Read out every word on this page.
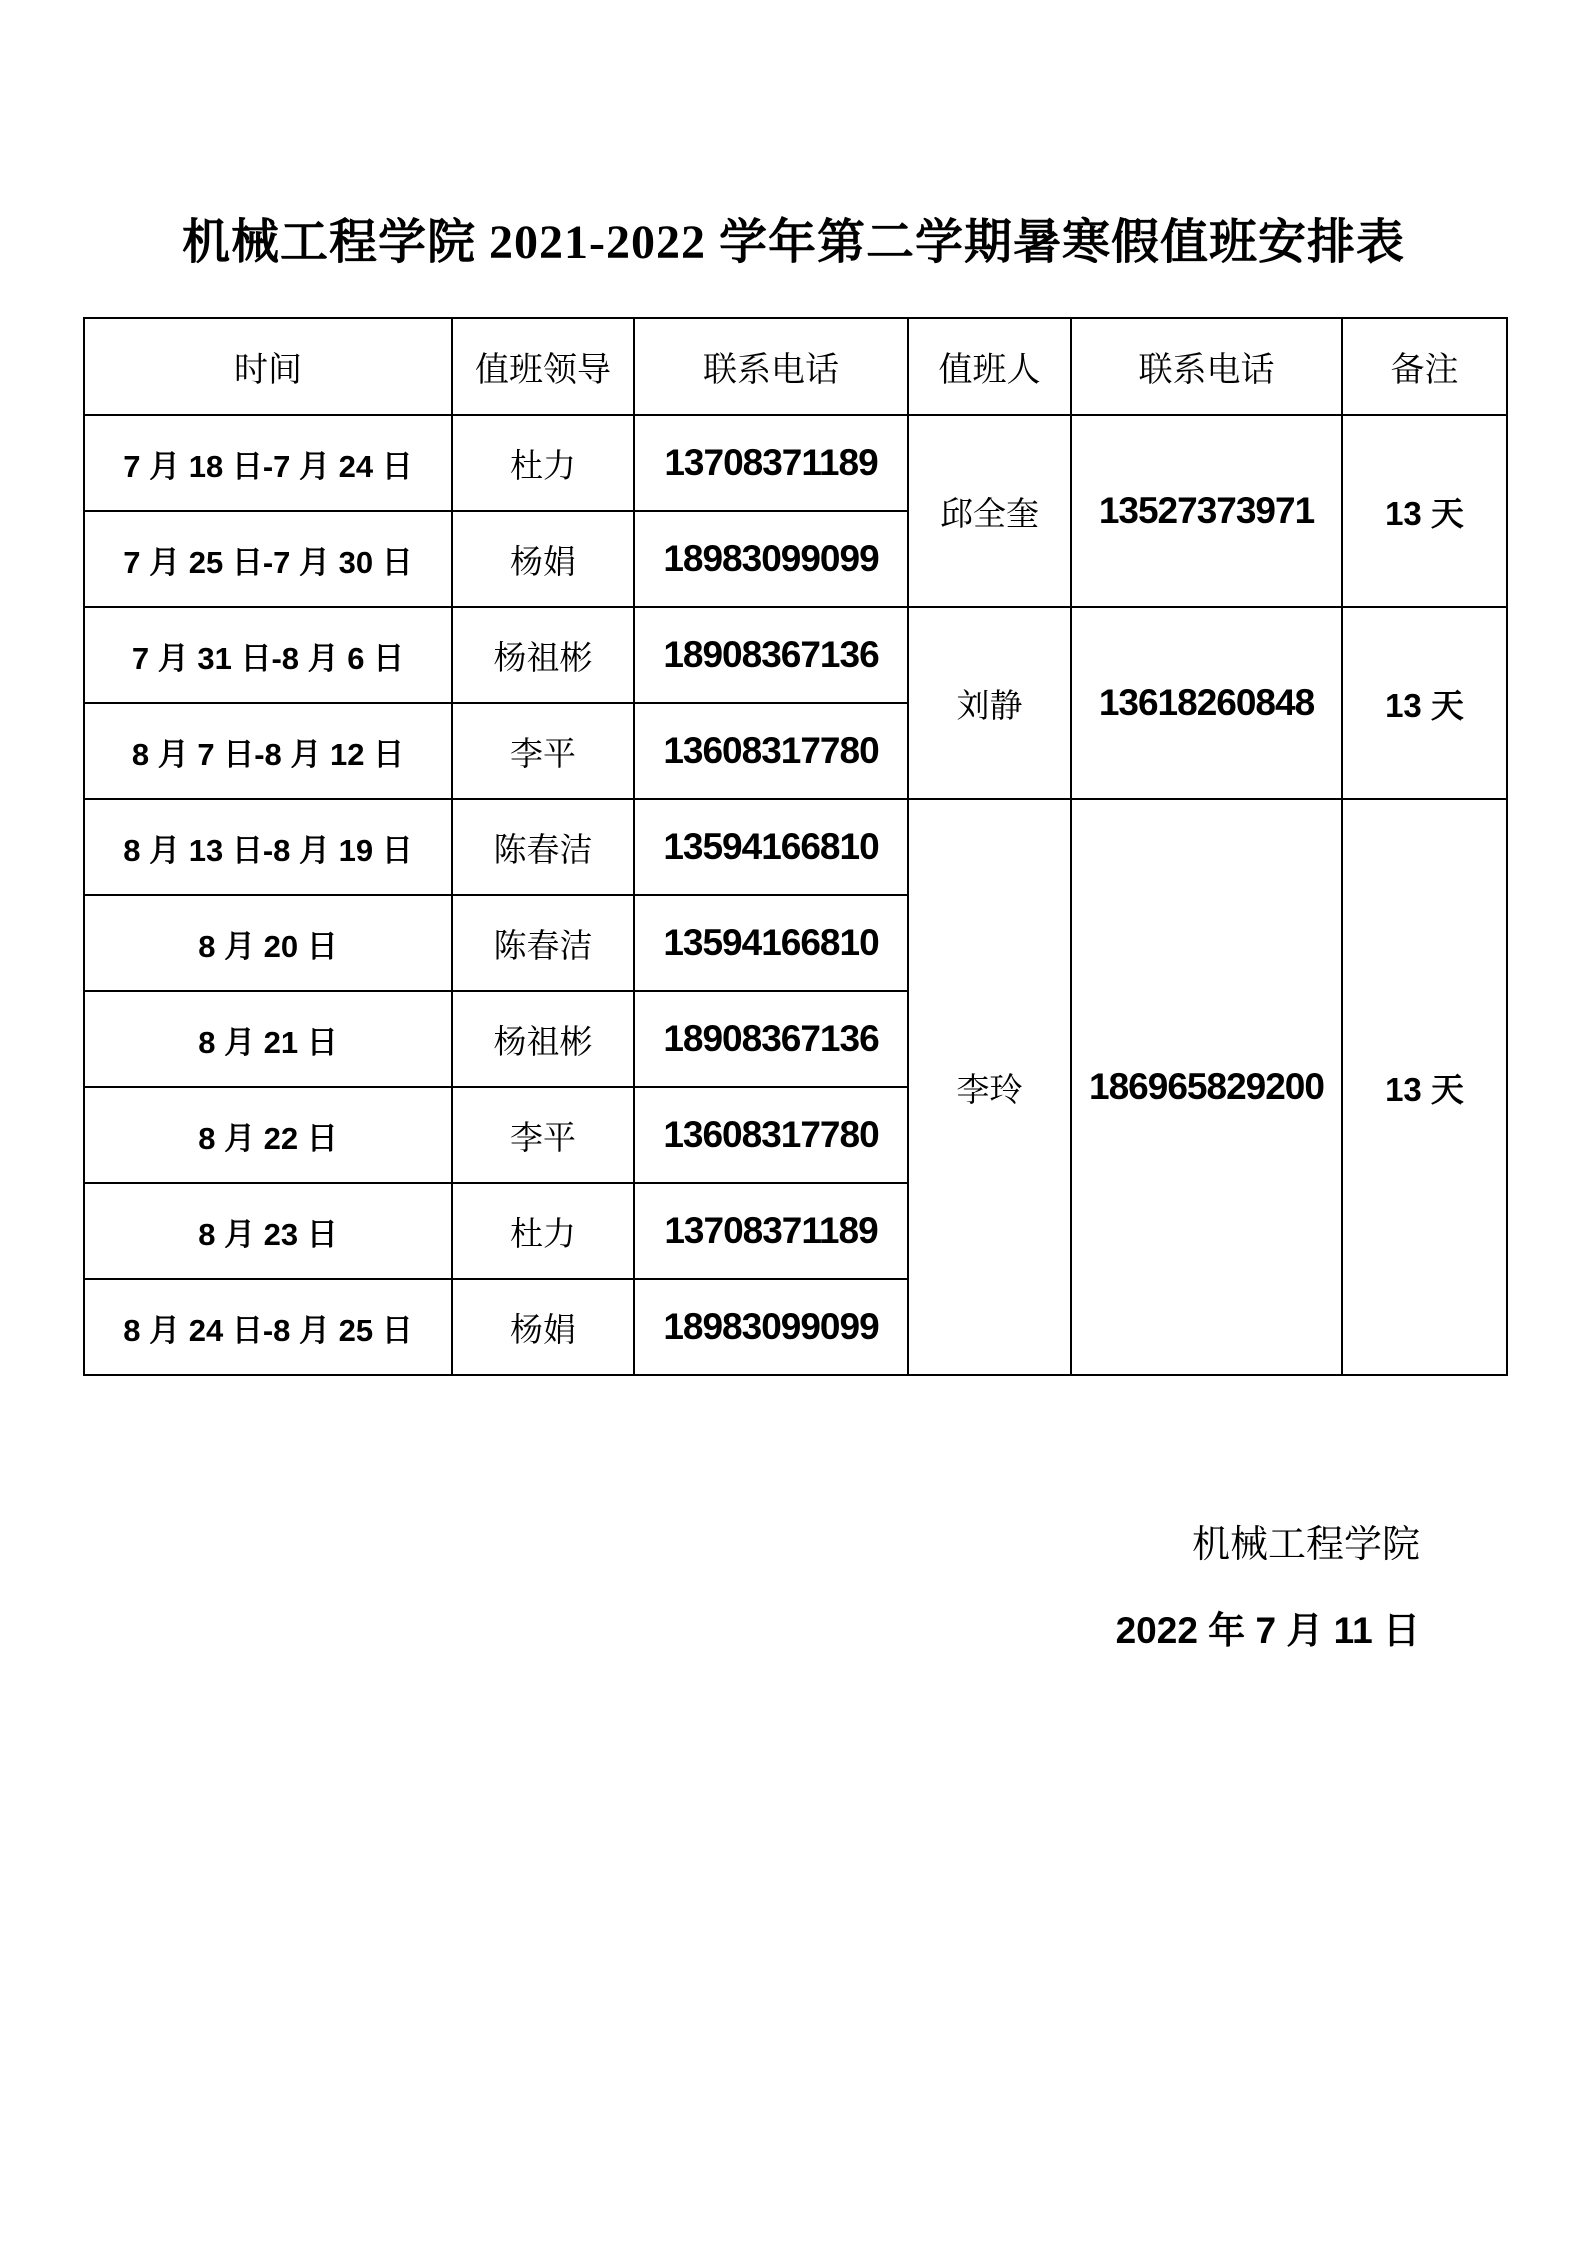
机械工程学院 2021-2022 学年第二学期暑寒假值班安排表
时间	值班领导	联系电话	值班人	联系电话	备注
7 月 18 日-7 月 24 日	杜力	13708371189	邱全奎	13527373971	13 天
7 月 25 日-7 月 30 日	杨娟	18983099099			
7 月 31 日-8 月 6 日	杨祖彬	18908367136	刘静	13618260848	13 天
8 月 7 日-8 月 12 日	李平	13608317780			
8 月 13 日-8 月 19 日	陈春洁	13594166810	李玲	186965829200	13 天
8 月 20 日	陈春洁	13594166810			
8 月 21 日	杨祖彬	18908367136			
8 月 22 日	李平	13608317780			
8 月 23 日	杜力	13708371189			
8 月 24 日-8 月 25 日	杨娟	18983099099			
机械工程学院
2022 年 7 月 11 日
